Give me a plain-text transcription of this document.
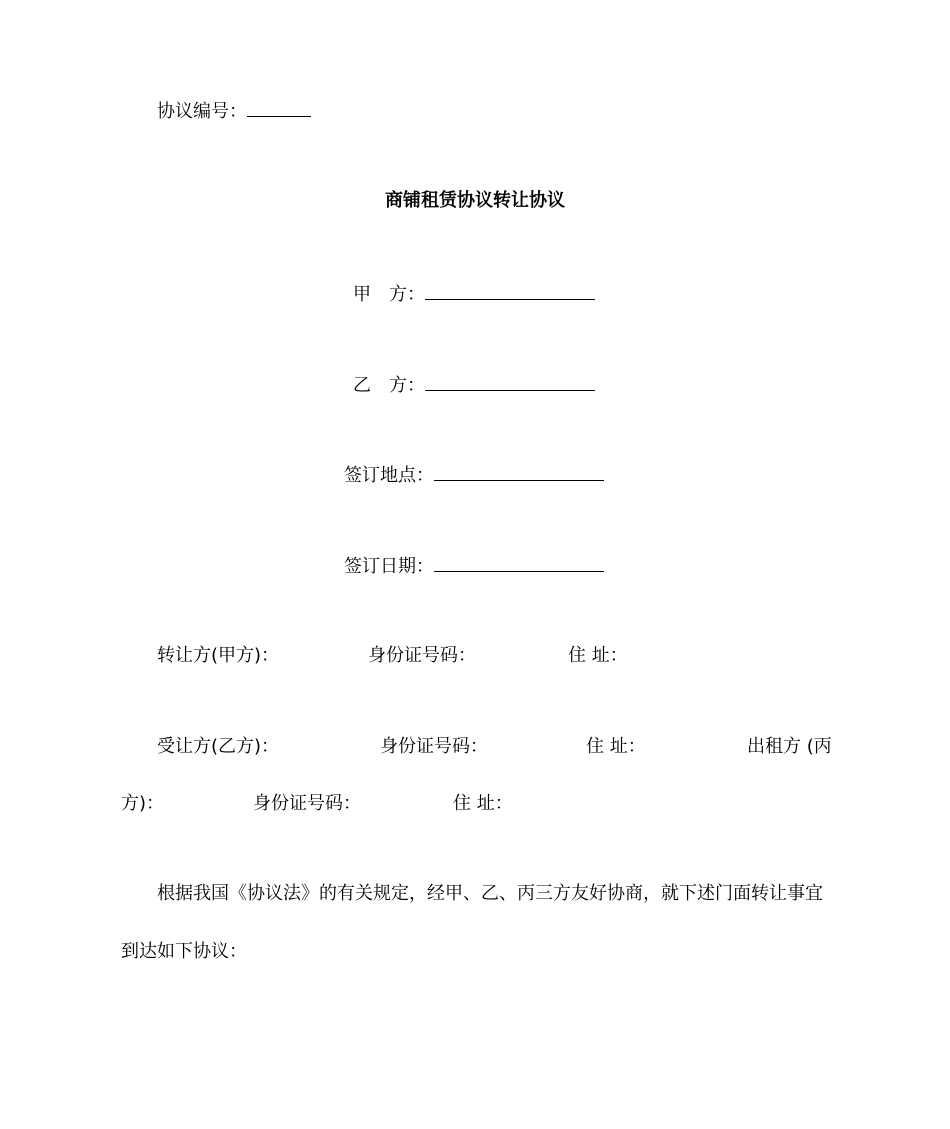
协议编号：
商铺租赁协议转让协议
甲　方：
乙　方：
签订地点：
签订日期：
转让方(甲方)：	身份证号码：	住 址：
受让方(乙方)：	身份证号码：	住 址：	出租方 (丙
方)：	身份证号码：	住 址：
根据我国《协议法》的有关规定，经甲、乙、丙三方友好协商，就下述门面转让事宜
到达如下协议：
